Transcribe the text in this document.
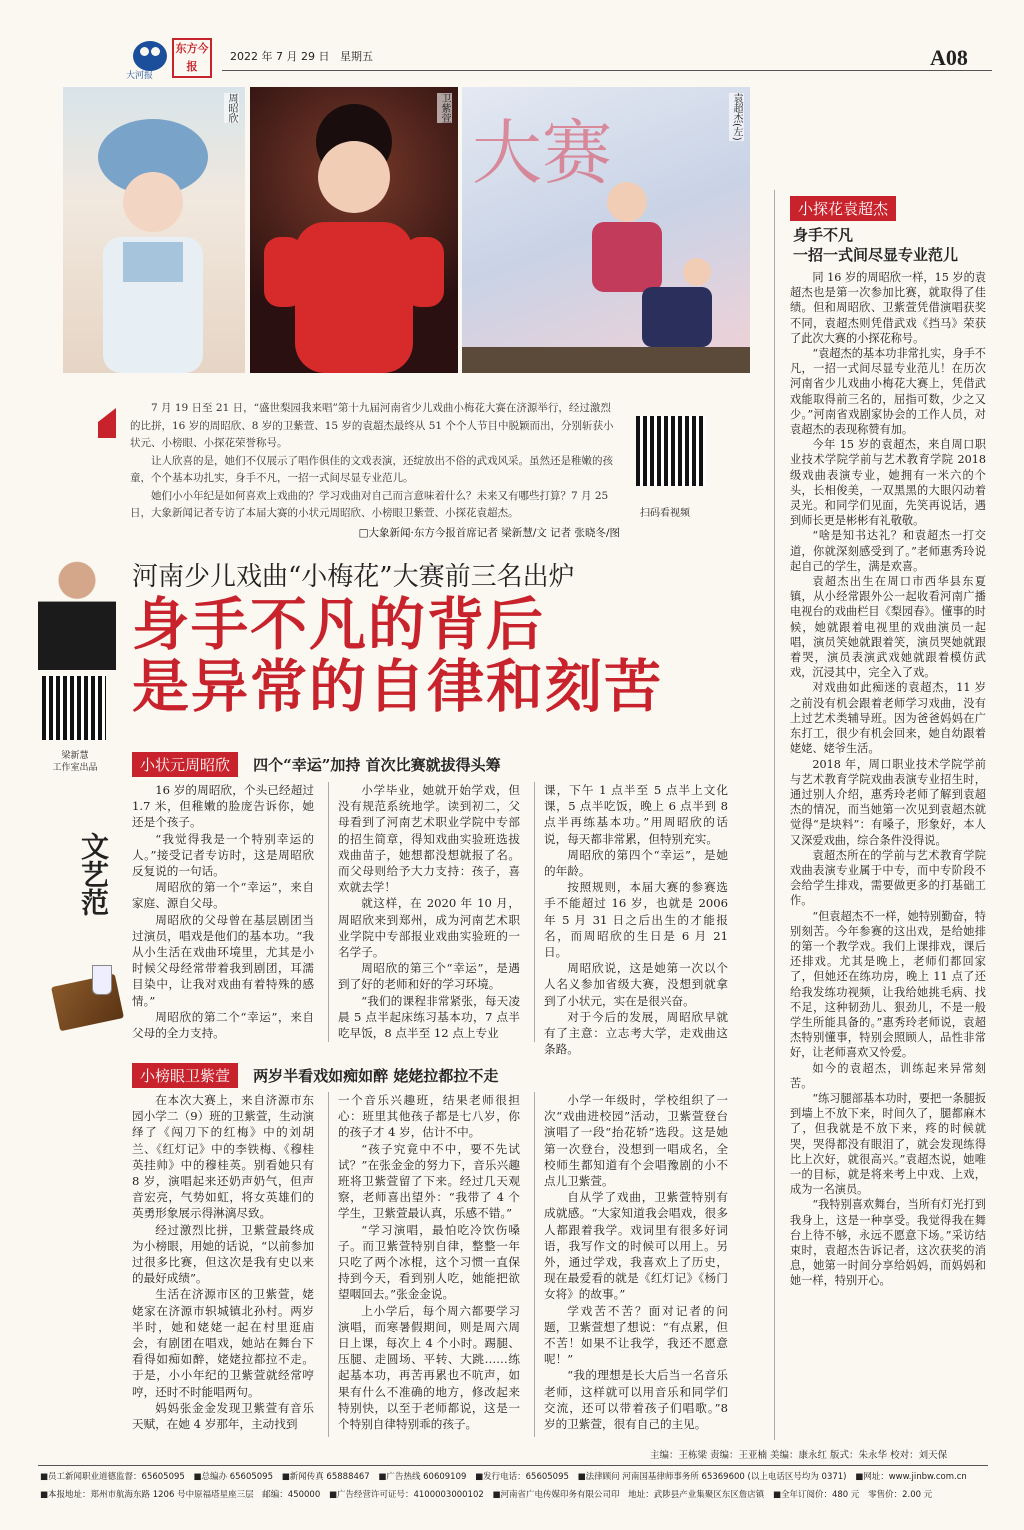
大河报
东方今报
2022 年 7 月 29 日 星期五	A08
周昭欣	卫紫萱
大赛	袁超杰(左)

7 月 19 日至 21 日，“盛世梨园我来唱”第十九届河南省少儿戏曲小梅花大赛在济源举行，经过激烈的比拼，16 岁的周昭欣、8 岁的卫紫萱、15 岁的袁超杰最终从 51 个个人节目中脱颖而出，分别斩获小状元、小榜眼、小探花荣誉称号。

让人欣喜的是，她们不仅展示了唱作俱佳的文戏表演，还绽放出不俗的武戏风采。虽然还是稚嫩的孩童，个个基本功扎实，身手不凡，一招一式间尽显专业范儿。

她们小小年纪是如何喜欢上戏曲的？学习戏曲对自己而言意味着什么？未来又有哪些打算？7 月 25 日，大象新闻记者专访了本届大赛的小状元周昭欣、小榜眼卫紫萱、小探花袁超杰。

□大象新闻·东方今报首席记者 梁新慧/文 记者 张晓冬/图
扫码看视频
梁新慧
工作室出品
文艺范
河南少儿戏曲“小梅花”大赛前三名出炉
身手不凡的背后
是异常的自律和刻苦
小状元周昭欣 四个“幸运”加持 首次比赛就拔得头筹

16 岁的周昭欣，个头已经超过 1.7 米，但稚嫩的脸庞告诉你，她还是个孩子。

“我觉得我是一个特别幸运的人。”接受记者专访时，这是周昭欣反复说的一句话。

周昭欣的第一个“幸运”，来自家庭、源自父母。

周昭欣的父母曾在基层剧团当过演员，唱戏是他们的基本功。“我从小生活在戏曲环境里，尤其是小时候父母经常带着我到剧团，耳濡目染中，让我对戏曲有着特殊的感情。”

周昭欣的第二个“幸运”，来自父母的全力支持。

小学毕业，她就开始学戏，但没有规范系统地学。读到初二，父母看到了河南艺术职业学院中专部的招生简章，得知戏曲实验班选拔戏曲苗子，她想都没想就报了名。而父母则给予大力支持：孩子，喜欢就去学！

就这样，在 2020 年 10 月，周昭欣来到郑州，成为河南艺术职业学院中专部报业戏曲实验班的一名学子。

周昭欣的第三个“幸运”，是遇到了好的老师和好的学习环境。

“我们的课程非常紧张，每天凌晨 5 点半起床练习基本功，7 点半吃早饭，8 点半至 12 点上专业

课，下午 1 点半至 5 点半上文化课，5 点半吃饭，晚上 6 点半到 8 点半再练基本功。”用周昭欣的话说，每天都非常累，但特别充实。

周昭欣的第四个“幸运”，是她的年龄。

按照规则，本届大赛的参赛选手不能超过 16 岁，也就是 2006 年 5 月 31 日之后出生的才能报名，而周昭欣的生日是 6 月 21 日。

周昭欣说，这是她第一次以个人名义参加省级大赛，没想到就拿到了小状元，实在是很兴奋。

对于今后的发展，周昭欣早就有了主意：立志考大学，走戏曲这条路。

小榜眼卫紫萱 两岁半看戏如痴如醉 姥姥拉都拉不走

在本次大赛上，来自济源市东园小学二（9）班的卫紫萱，生动演绎了《闯刀下的红梅》中的刘胡兰、《红灯记》中的李铁梅、《穆桂英挂帅》中的穆桂英。别看她只有 8 岁，演唱起来还奶声奶气，但声音宏亮，气势如虹，将女英雄们的英勇形象展示得淋漓尽致。

经过激烈比拼，卫紫萱最终成为小榜眼，用她的话说，“以前参加过很多比赛，但这次是我有史以来的最好成绩”。

生活在济源市区的卫紫萱，姥姥家在济源市轵城镇北孙村。两岁半时，她和姥姥一起在村里逛庙会，有剧团在唱戏，她站在舞台下看得如痴如醉，姥姥拉都拉不走。于是，小小年纪的卫紫萱就经常哼哼，还时不时能唱两句。

妈妈张金金发现卫紫萱有音乐天赋，在她 4 岁那年，主动找到

一个音乐兴趣班，结果老师很担心：班里其他孩子都是七八岁，你的孩子才 4 岁，估计不中。

“孩子究竟中不中，要不先试试？”在张金金的努力下，音乐兴趣班将卫紫萱留了下来。经过几天观察，老师喜出望外：“我带了 4 个学生，卫紫萱最认真，乐感不错。”

“学习演唱，最怕吃冷饮伤嗓子。而卫紫萱特别自律，整整一年只吃了两个冰棍，这个习惯一直保持到今天，看到别人吃，她能把欲望咽回去。”张金金说。

上小学后，每个周六都要学习演唱，而寒暑假期间，则是周六周日上课，每次上 4 个小时。踢腿、压腿、走圆场、平转、大跳……练起基本功，再苦再累也不吭声，如果有什么不准确的地方，修改起来特别快，以至于老师都说，这是一个特别自律特别乖的孩子。

小学一年级时，学校组织了一次“戏曲进校园”活动，卫紫萱登台演唱了一段“抬花轿”选段。这是她第一次登台，没想到一唱成名，全校师生都知道有个会唱豫剧的小不点儿卫紫萱。

自从学了戏曲，卫紫萱特别有成就感。“大家知道我会唱戏，很多人都跟着我学。戏词里有很多好词语，我写作文的时候可以用上。另外，通过学戏，我喜欢上了历史，现在最爱看的就是《红灯记》《杨门女将》的故事。”

学戏苦不苦？面对记者的问题，卫紫萱想了想说：“有点累，但不苦！如果不让我学，我还不愿意呢！”

“我的理想是长大后当一名音乐老师，这样就可以用音乐和同学们交流，还可以带着孩子们唱歌。”8 岁的卫紫萱，很有自己的主见。

小探花袁超杰
身手不凡
一招一式间尽显专业范儿

同 16 岁的周昭欣一样，15 岁的袁超杰也是第一次参加比赛，就取得了佳绩。但和周昭欣、卫紫萱凭借演唱获奖不同，袁超杰则凭借武戏《挡马》荣获了此次大赛的小探花称号。

“袁超杰的基本功非常扎实，身手不凡，一招一式间尽显专业范儿！在历次河南省少儿戏曲小梅花大赛上，凭借武戏能取得前三名的，屈指可数，少之又少。”河南省戏剧家协会的工作人员，对袁超杰的表现称赞有加。

今年 15 岁的袁超杰，来自周口职业技术学院学前与艺术教育学院 2018 级戏曲表演专业，她拥有一米六的个头，长相俊美，一双黑黑的大眼闪动着灵光。和同学们见面，先笑再说话，遇到师长更是彬彬有礼敬敬。

“啥是知书达礼？和袁超杰一打交道，你就深刻感受到了。”老师惠秀玲说起自己的学生，满是欢喜。

袁超杰出生在周口市西华县东夏镇，从小经常跟外公一起收看河南广播电视台的戏曲栏目《梨园春》。懂事的时候，她就跟着电视里的戏曲演员一起唱，演员笑她就跟着笑，演员哭她就跟着哭，演员表演武戏她就跟着模仿武戏，沉浸其中，完全入了戏。

对戏曲如此痴迷的袁超杰，11 岁之前没有机会跟着老师学习戏曲，没有上过艺术类辅导班。因为爸爸妈妈在广东打工，很少有机会回来，她自幼跟着姥姥、姥爷生活。

2018 年，周口职业技术学院学前与艺术教育学院戏曲表演专业招生时，通过别人介绍，惠秀玲老师了解到袁超杰的情况，而当她第一次见到袁超杰就觉得“是块料”：有嗓子，形象好，本人又深爱戏曲，综合条件没得说。

袁超杰所在的学前与艺术教育学院戏曲表演专业属于中专，而中专阶段不会给学生排戏，需要做更多的打基础工作。

“但袁超杰不一样，她特别勤奋，特别刻苦。今年参赛的这出戏，是给她排的第一个教学戏。我们上课排戏，课后还排戏。尤其是晚上，老师们都回家了，但她还在练功房，晚上 11 点了还给我发练功视频，让我给她挑毛病、找不足，这种韧劲儿、狠劲儿，不是一般学生所能具备的。”惠秀玲老师说，袁超杰特别懂事，特别会照顾人，品性非常好，让老师喜欢又怜爱。

如今的袁超杰，训练起来异常刻苦。

“练习腿部基本功时，要把一条腿扳到墙上不放下来，时间久了，腿都麻木了，但我就是不放下来，疼的时候就哭，哭得都没有眼泪了，就会发现练得比上次好，就很高兴。”袁超杰说，她唯一的目标，就是将来考上中戏、上戏，成为一名演员。

“我特别喜欢舞台，当所有灯光打到我身上，这是一种享受。我觉得我在舞台上待不够，永远不愿意下场。”采访结束时，袁超杰告诉记者，这次获奖的消息，她第一时间分享给妈妈，而妈妈和她一样，特别开心。

主编：王栋梁 责编：王亚楠 美编：康永红 版式：朱永华 校对：刘天保
■员工新闻职业道德监督：65605095 ■总编办 65605095 ■新闻传真 65888467 ■广告热线 60609109 ■发行电话：65605095 ■法律顾问 河南国基律师事务所 65369600 (以上电话区号均为 0371) ■网址：www.jinbw.com.cn
■本报地址：郑州市航海东路 1206 号中原福塔星座三层 邮编：450000 ■广告经营许可证号：4100003000102 ■河南省广电传媒印务有限公司印 地址：武陟县产业集聚区东区詹店镇 ■全年订阅价：480 元 零售价：2.00 元
